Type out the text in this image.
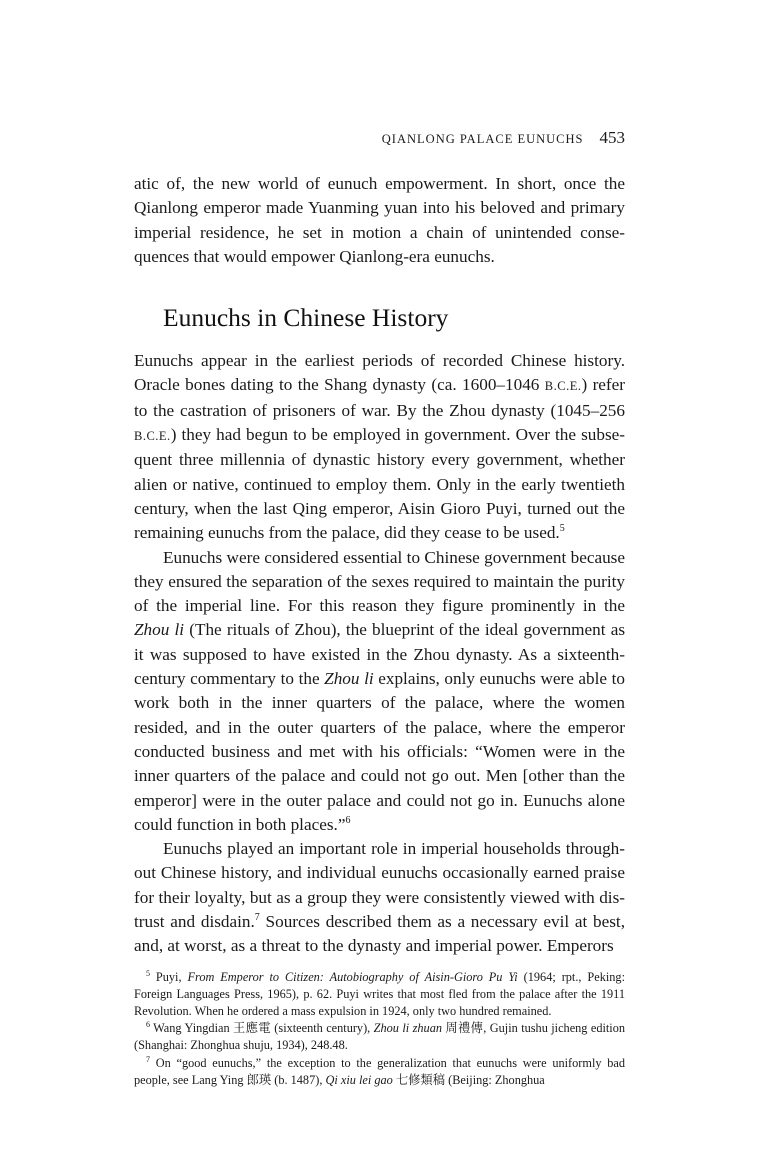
QIANLONG PALACE EUNUCHS 453

atic of, the new world of eunuch empowerment. In short, once the Qianlong emperor made Yuanming yuan into his beloved and primary imperial residence, he set in motion a chain of unintended consequences that would empower Qianlong-era eunuchs.

Eunuchs in Chinese History

Eunuchs appear in the earliest periods of recorded Chinese history. Oracle bones dating to the Shang dynasty (ca. 1600–1046 B.C.E.) refer to the castration of prisoners of war. By the Zhou dynasty (1045–256 B.C.E.) they had begun to be employed in government. Over the subsequent three millennia of dynastic history every government, whether alien or native, continued to employ them. Only in the early twentieth century, when the last Qing emperor, Aisin Gioro Puyi, turned out the remaining eunuchs from the palace, did they cease to be used.$^5$

Eunuchs were considered essential to Chinese government because they ensured the separation of the sexes required to maintain the purity of the imperial line. For this reason they figure prominently in the Zhou li (The rituals of Zhou), the blueprint of the ideal government as it was supposed to have existed in the Zhou dynasty. As a sixteenth-century commentary to the Zhou li explains, only eunuchs were able to work both in the inner quarters of the palace, where the women resided, and in the outer quarters of the palace, where the emperor conducted business and met with his officials: “Women were in the inner quarters of the palace and could not go out. Men [other than the emperor] were in the outer palace and could not go in. Eunuchs alone could function in both places.”$^6$

Eunuchs played an important role in imperial households throughout Chinese history, and individual eunuchs occasionally earned praise for their loyalty, but as a group they were consistently viewed with distrust and disdain.$^7$ Sources described them as a necessary evil at best, and, at worst, as a threat to the dynasty and imperial power. Emperors

$^5$ Puyi, From Emperor to Citizen: Autobiography of Aisin-Gioro Pu Yi (1964; rpt., Peking: Foreign Languages Press, 1965), p. 62. Puyi writes that most fled from the palace after the 1911 Revolution. When he ordered a mass expulsion in 1924, only two hundred remained.

$^6$ Wang Yingdian 王應電 (sixteenth century), Zhou li zhuan 周禮傳, Gujin tushu jicheng edition (Shanghai: Zhonghua shuju, 1934), 248.48.

$^7$ On “good eunuchs,” the exception to the generalization that eunuchs were uniformly bad people, see Lang Ying 郎瑛 (b. 1487), Qi xiu lei gao 七修類稿 (Beijing: Zhonghua
